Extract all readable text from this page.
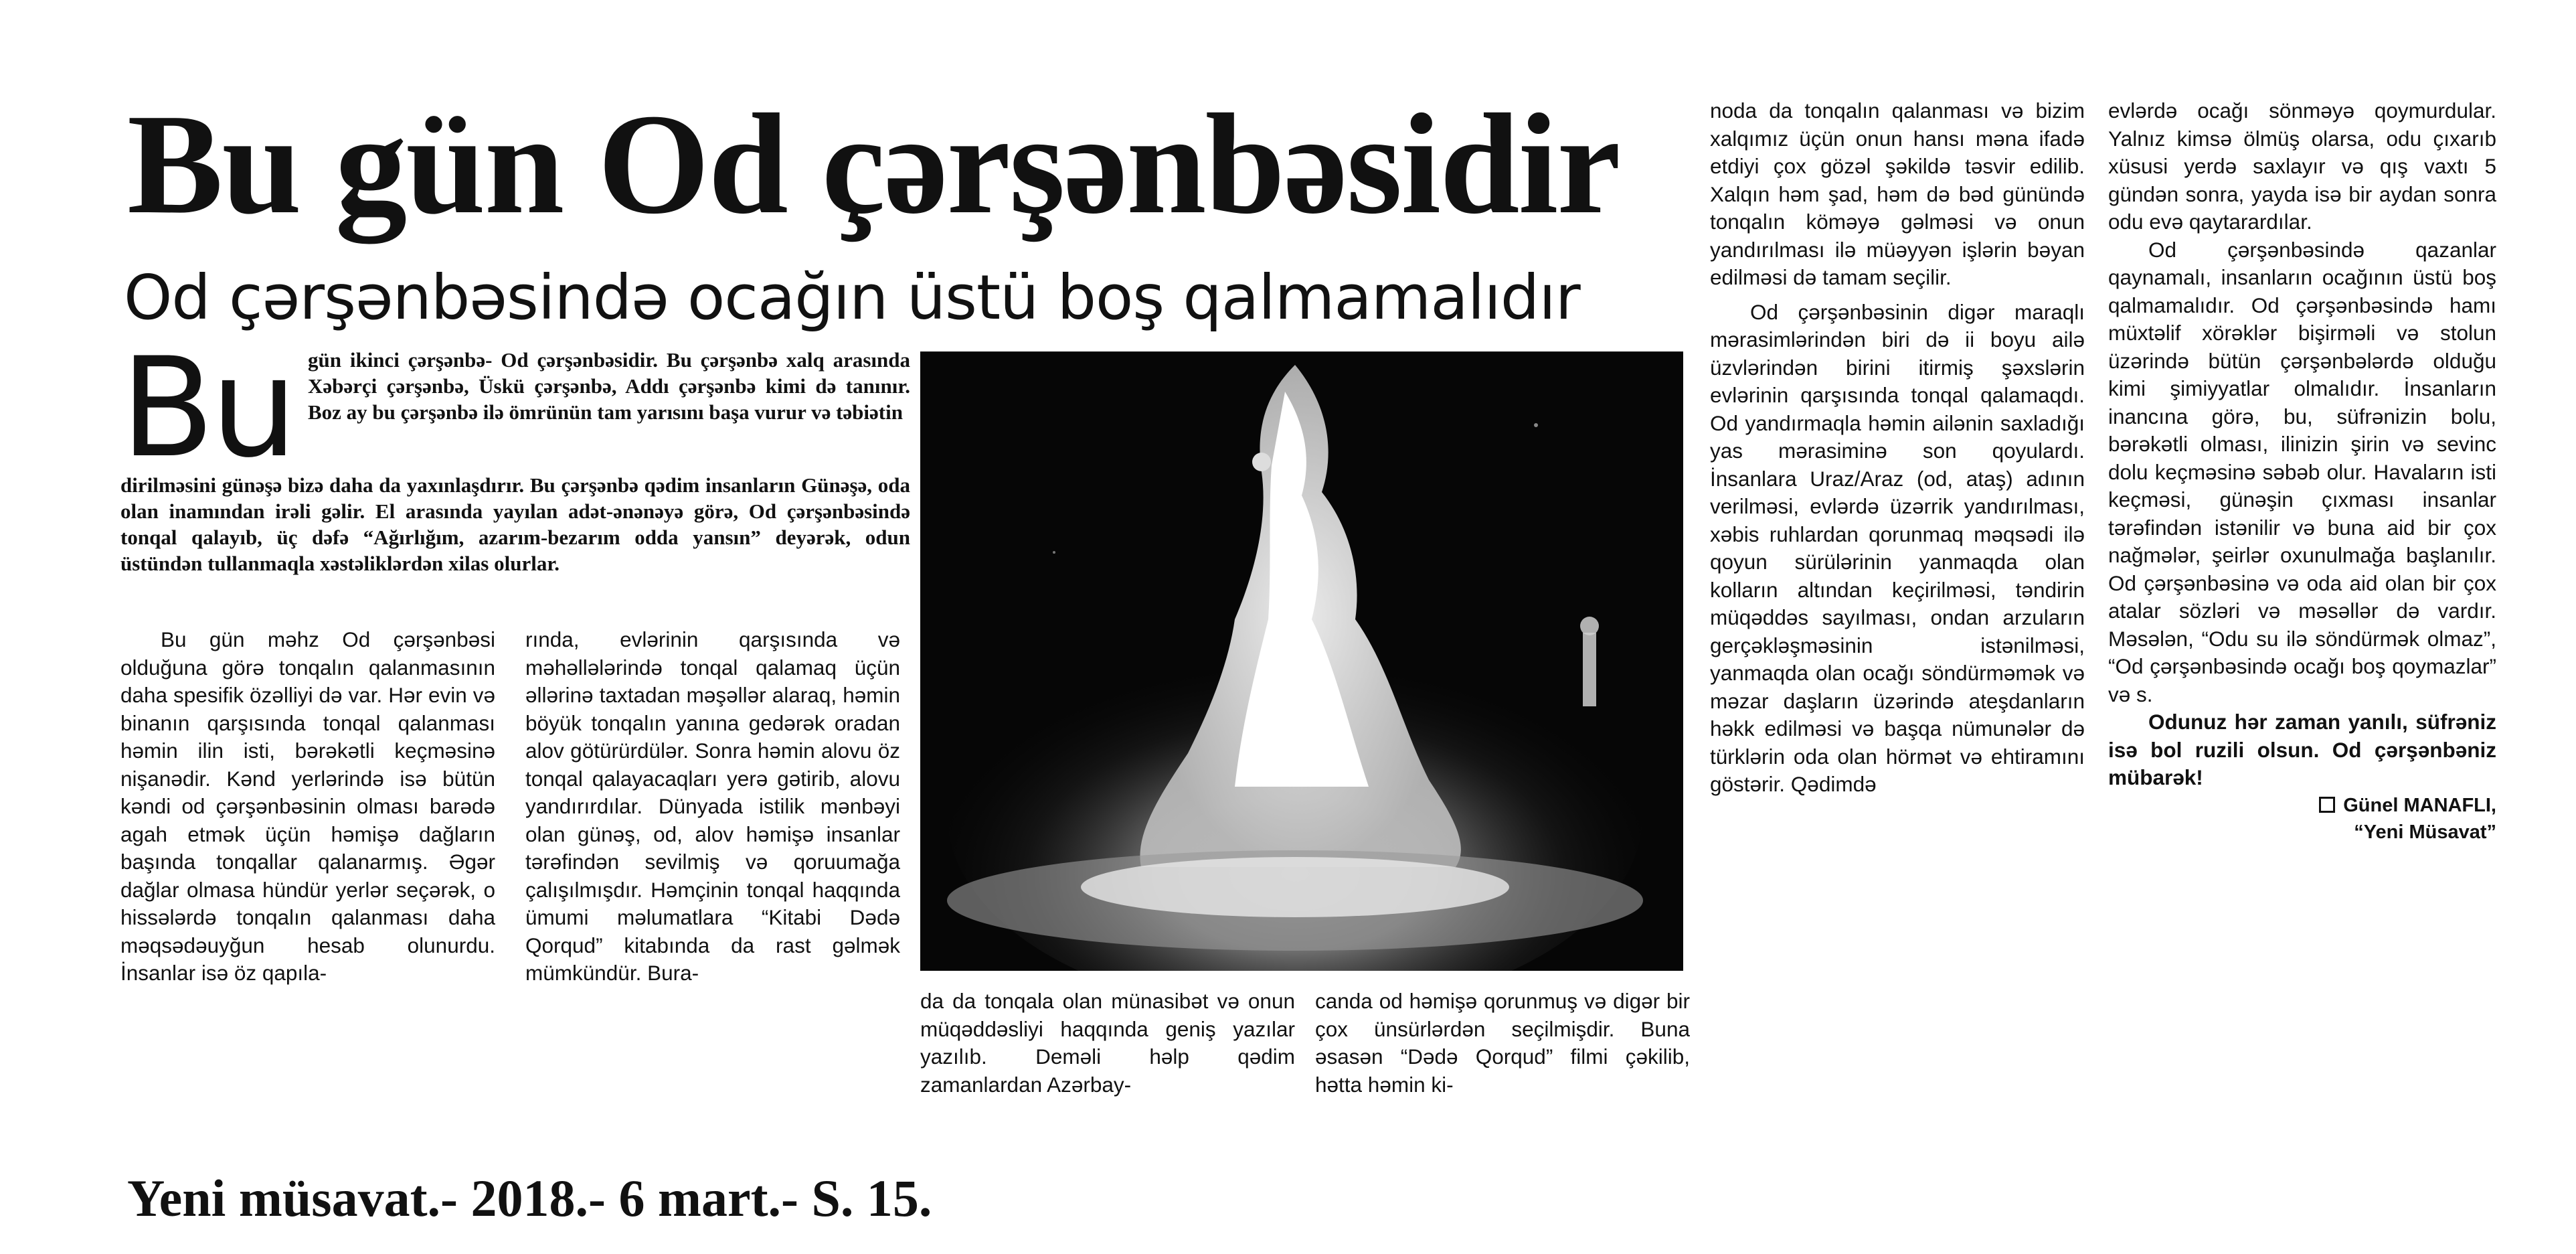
Bu gün Od çərşənbəsidir
Od çərşənbəsində ocağın üstü boş qalmamalıdır
Bu gün ikinci çərşənbə- Od çərşənbəsidir. Bu çərşənbə xalq arasında Xəbərçi çərşənbə, Üskü çərşənbə, Addı çərşənbə kimi də tanınır. Boz ay bu çərşənbə ilə ömrünün tam yarısını başa vurur və təbiətin
dirilməsini günəşə bizə daha da yaxınlaşdırır. Bu çərşənbə qədim insanların Günəşə, oda olan inamından irəli gəlir. El arasında yayılan adət-ənənəyə görə, Od çərşənbəsində tonqal qalayıb, üç dəfə “Ağırlığım, azarım-bezarım odda yansın” deyərək, odun üstündən tullanmaqla xəstəliklərdən xilas olurlar.

Bu gün məhz Od çərşənbəsi olduğuna görə tonqalın qalanmasının daha spesifik özəlliyi də var. Hər evin və binanın qarşısında tonqal qalanması həmin ilin isti, bərəkətli keçməsinə nişanədir. Kənd yerlərində isə bütün kəndi od çərşənbəsinin olması barədə agah etmək üçün həmişə dağların başında tonqallar qalanarmış. Əgər dağlar olmasa hündür yerlər seçərək, o hissələrdə tonqalın qalanması daha məqsədəuyğun hesab olunurdu. İnsanlar isə öz qapıla-

rında, evlərinin qarşısında və məhəllələrində tonqal qalamaq üçün əllərinə taxtadan məşəllər alaraq, həmin böyük tonqalın yanına gedərək oradan alov götürürdülər. Sonra həmin alovu öz tonqal qalayacaqları yerə gətirib, alovu yandırırdılar. Dünyada istilik mənbəyi olan günəş, od, alov həmişə insanlar tərəfindən sevilmiş və qoruumağa çalışılmışdır. Həmçinin tonqal haqqında ümumi məlumatlara “Kitabi Dədə Qorqud” kitabında da rast gəlmək mümkündür. Bura-

da da tonqala olan münasibət və onun müqəddəsliyi haqqında geniş yazılar yazılıb. Deməli həlp qədim zamanlardan Azərbay-

canda od həmişə qorunmuş və digər bir çox ünsürlərdən seçilmişdir. Buna əsasən “Dədə Qorqud” filmi çəkilib, hətta həmin ki-

noda da tonqalın qalanması və bizim xalqımız üçün onun hansı məna ifadə etdiyi çox gözəl şəkildə təsvir edilib. Xalqın həm şad, həm də bəd günündə tonqalın köməyə gəlməsi və onun yandırılması ilə müəyyən işlərin bəyan edilməsi də tamam seçilir.

Od çərşənbəsinin digər maraqlı mərasimlərindən biri də ii boyu ailə üzvlərindən birini itirmiş şəxslərin evlərinin qarşısında tonqal qalamaqdı. Od yandırmaqla həmin ailənin saxladığı yas mərasiminə son qoyulardı. İnsanlara Uraz/Araz (od, ataş) adının verilməsi, evlərdə üzərrik yandırılması, xəbis ruhlardan qorunmaq məqsədi ilə qoyun sürülərinin yanmaqda olan kolların altından keçirilməsi, təndirin müqəddəs sayılması, ondan arzuların gerçəkləşməsinin istənilməsi, yanmaqda olan ocağı söndürməmək və məzar daşların üzərində ateşdanların həkk edilməsi və başqa nümunələr də türklərin oda olan hörmət və ehtiramını göstərir. Qədimdə

evlərdə ocağı sönməyə qoymurdular. Yalnız kimsə ölmüş olarsa, odu çıxarıb xüsusi yerdə saxlayır və qış vaxtı 5 gündən sonra, yayda isə bir aydan sonra odu evə qaytarardılar.

Od çərşənbəsində qazanlar qaynamalı, insanların ocağının üstü boş qalmamalıdır. Od çərşənbəsində hamı müxtəlif xörəklər bişirməli və stolun üzərində bütün çərşənbələrdə olduğu kimi şimiyyatlar olmalıdır. İnsanların inancına görə, bu, süfrənizin bolu, bərəkətli olması, ilinizin şirin və sevinc dolu keçməsinə səbəb olur. Havaların isti keçməsi, günəşin çıxması insanlar tərəfindən istənilir və buna aid bir çox nağmələr, şeirlər oxunulmağa başlanılır. Od çərşənbəsinə və oda aid olan bir çox atalar sözləri və məsəllər də vardır. Məsələn, “Odu su ilə söndürmək olmaz”, “Od çərşənbəsində ocağı boş qoymazlar” və s.

Odunuz hər zaman yanılı, süfrəniz isə bol ruzili olsun. Od çərşənbəniz mübarək!

Günel MANAFLI,
“Yeni Müsavat”
Yeni müsavat.- 2018.- 6 mart.- S. 15.
